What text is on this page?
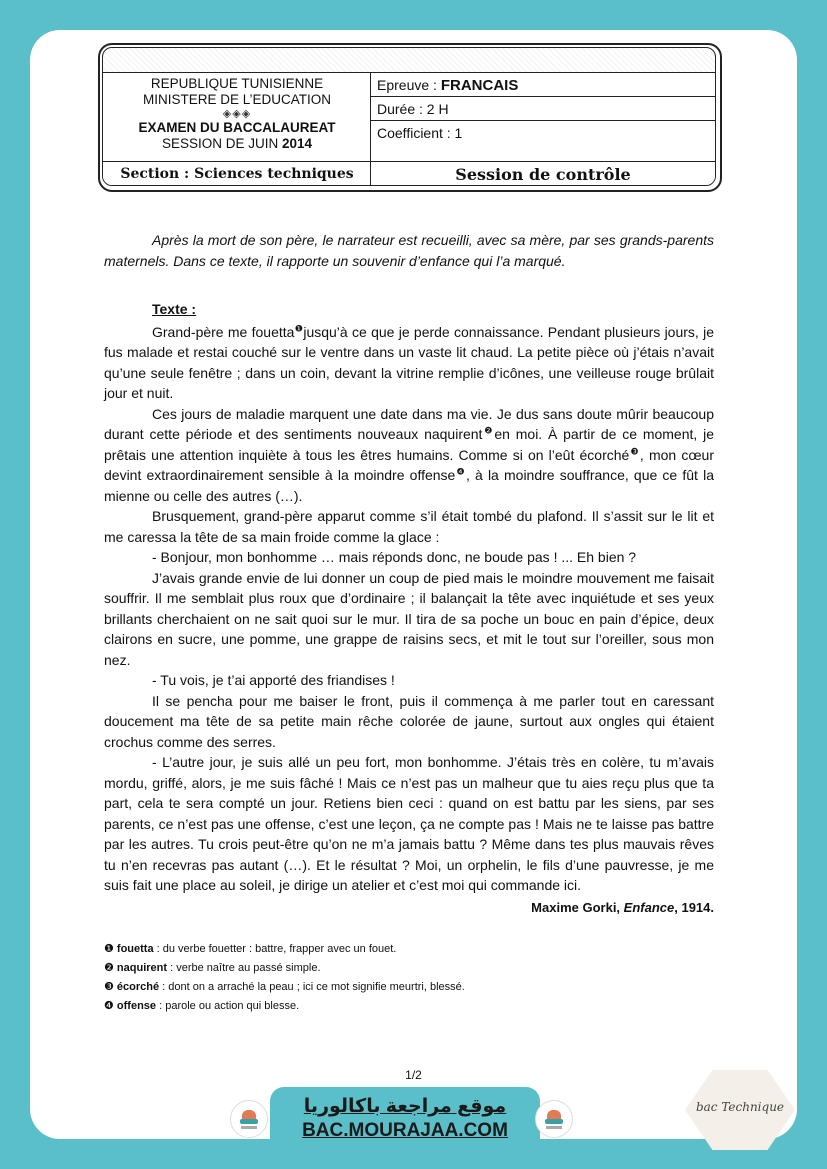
REPUBLIQUE TUNISIENNE
MINISTERE DE L’EDUCATION
◈◈◈
EXAMEN DU BACCALAUREAT
SESSION DE JUIN 2014
Epreuve : FRANCAIS
Durée : 2 H
Coefficient : 1
Section : Sciences techniques	Session de contrôle

Après la mort de son père, le narrateur est recueilli, avec sa mère, par ses grands-parents maternels. Dans ce texte, il rapporte un souvenir d’enfance qui l’a marqué.

Texte :

Grand-père me fouetta$^❶$jusqu’à ce que je perde connaissance. Pendant plusieurs jours, je fus malade et restai couché sur le ventre dans un vaste lit chaud. La petite pièce où j’étais n’avait qu’une seule fenêtre ; dans un coin, devant la vitrine remplie d’icônes, une veilleuse rouge brûlait jour et nuit.

Ces jours de maladie marquent une date dans ma vie. Je dus sans doute mûrir beaucoup durant cette période et des sentiments nouveaux naquirent$^❷$en moi. À partir de ce moment, je prêtais une attention inquiète à tous les êtres humains. Comme si on l’eût écorché$^❸$, mon cœur devint extraordinairement sensible à la moindre offense$^❹$, à la moindre souffrance, que ce fût la mienne ou celle des autres (…).

Brusquement, grand-père apparut comme s’il était tombé du plafond. Il s’assit sur le lit et me caressa la tête de sa main froide comme la glace :

- Bonjour, mon bonhomme … mais réponds donc, ne boude pas ! ... Eh bien ?

J’avais grande envie de lui donner un coup de pied mais le moindre mouvement me faisait souffrir. Il me semblait plus roux que d’ordinaire ; il balançait la tête avec inquiétude et ses yeux brillants cherchaient on ne sait quoi sur le mur. Il tira de sa poche un bouc en pain d’épice, deux clairons en sucre, une pomme, une grappe de raisins secs, et mit le tout sur l’oreiller, sous mon nez.

- Tu vois, je t’ai apporté des friandises !

Il se pencha pour me baiser le front, puis il commença à me parler tout en caressant doucement ma tête de sa petite main rêche colorée de jaune, surtout aux ongles qui étaient crochus comme des serres.

- L’autre jour, je suis allé un peu fort, mon bonhomme. J’étais très en colère, tu m’avais mordu, griffé, alors, je me suis fâché ! Mais ce n’est pas un malheur que tu aies reçu plus que ta part, cela te sera compté un jour. Retiens bien ceci : quand on est battu par les siens, par ses parents, ce n’est pas une offense, c’est une leçon, ça ne compte pas ! Mais ne te laisse pas battre par les autres. Tu crois peut-être qu’on ne m’a jamais battu ? Même dans tes plus mauvais rêves tu n’en recevras pas autant (…). Et le résultat ? Moi, un orphelin, le fils d’une pauvresse, je me suis fait une place au soleil, je dirige un atelier et c’est moi qui commande ici.

Maxime Gorki, Enfance, 1914.
❶ fouetta : du verbe fouetter : battre, frapper avec un fouet.
❷ naquirent : verbe naître au passé simple.
❸ écorché : dont on a arraché la peau ; ici ce mot signifie meurtri, blessé.
❹ offense : parole ou action qui blesse.
1/2
موقع مراجعة باكالوريا
BAC.MOURAJAA.COM
bac Technique
